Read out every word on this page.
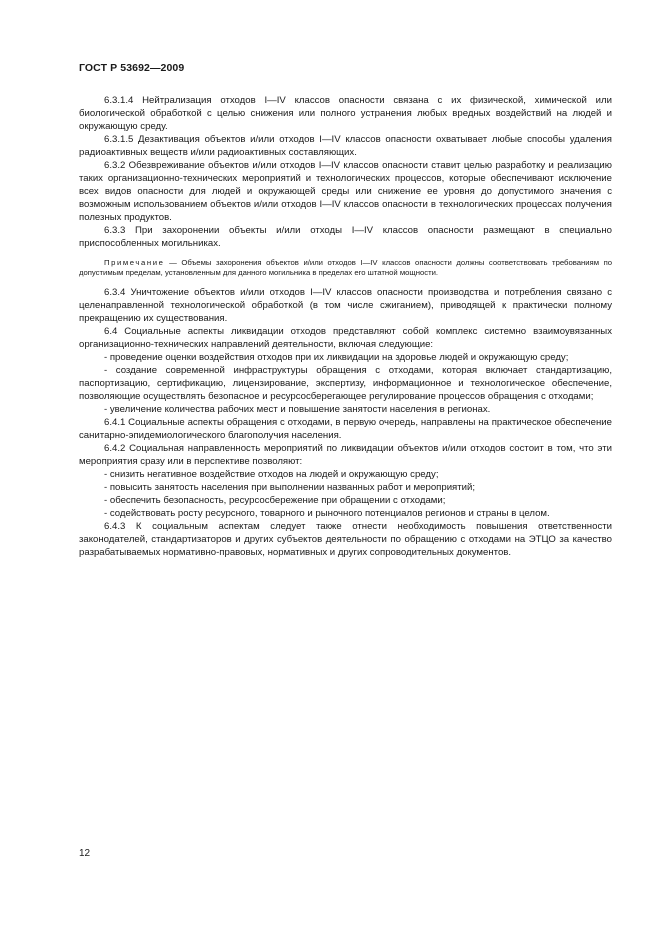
ГОСТ Р 53692—2009

6.3.1.4 Нейтрализация отходов I—IV классов опасности связана с их физической, химической или биологической обработкой с целью снижения или полного устранения любых вредных воздействий на людей и окружающую среду.

6.3.1.5 Дезактивация объектов и/или отходов I—IV классов опасности охватывает любые способы удаления радиоактивных веществ и/или радиоактивных составляющих.

6.3.2 Обезвреживание объектов и/или отходов I—IV классов опасности ставит целью разработку и реализацию таких организационно-технических мероприятий и технологических процессов, которые обеспечивают исключение всех видов опасности для людей и окружающей среды или снижение ее уровня до допустимого значения с возможным использованием объектов и/или отходов I—IV классов опасности в технологических процессах получения полезных продуктов.

6.3.3 При захоронении объекты и/или отходы I—IV классов опасности размещают в специально приспособленных могильниках.

Примечание — Объемы захоронения объектов и/или отходов I—IV классов опасности должны соответствовать требованиям по допустимым пределам, установленным для данного могильника в пределах его штатной мощности.

6.3.4 Уничтожение объектов и/или отходов I—IV классов опасности производства и потребления связано с целенаправленной технологической обработкой (в том числе сжиганием), приводящей к практически полному прекращению их существования.

6.4 Социальные аспекты ликвидации отходов представляют собой комплекс системно взаимоувязанных организационно-технических направлений деятельности, включая следующие:

- проведение оценки воздействия отходов при их ликвидации на здоровье людей и окружающую среду;

- создание современной инфраструктуры обращения с отходами, которая включает стандартизацию, паспортизацию, сертификацию, лицензирование, экспертизу, информационное и технологическое обеспечение, позволяющие осуществлять безопасное и ресурсосберегающее регулирование процессов обращения с отходами;

- увеличение количества рабочих мест и повышение занятости населения в регионах.

6.4.1 Социальные аспекты обращения с отходами, в первую очередь, направлены на практическое обеспечение санитарно-эпидемиологического благополучия населения.

6.4.2 Социальная направленность мероприятий по ликвидации объектов и/или отходов состоит в том, что эти мероприятия сразу или в перспективе позволяют:

- снизить негативное воздействие отходов на людей и окружающую среду;

- повысить занятость населения при выполнении названных работ и мероприятий;

- обеспечить безопасность, ресурсосбережение при обращении с отходами;

- содействовать росту ресурсного, товарного и рыночного потенциалов регионов и страны в целом.

6.4.3 К социальным аспектам следует также отнести необходимость повышения ответственности законодателей, стандартизаторов и других субъектов деятельности по обращению с отходами на ЭТЦО за качество разрабатываемых нормативно-правовых, нормативных и других сопроводительных документов.

12
